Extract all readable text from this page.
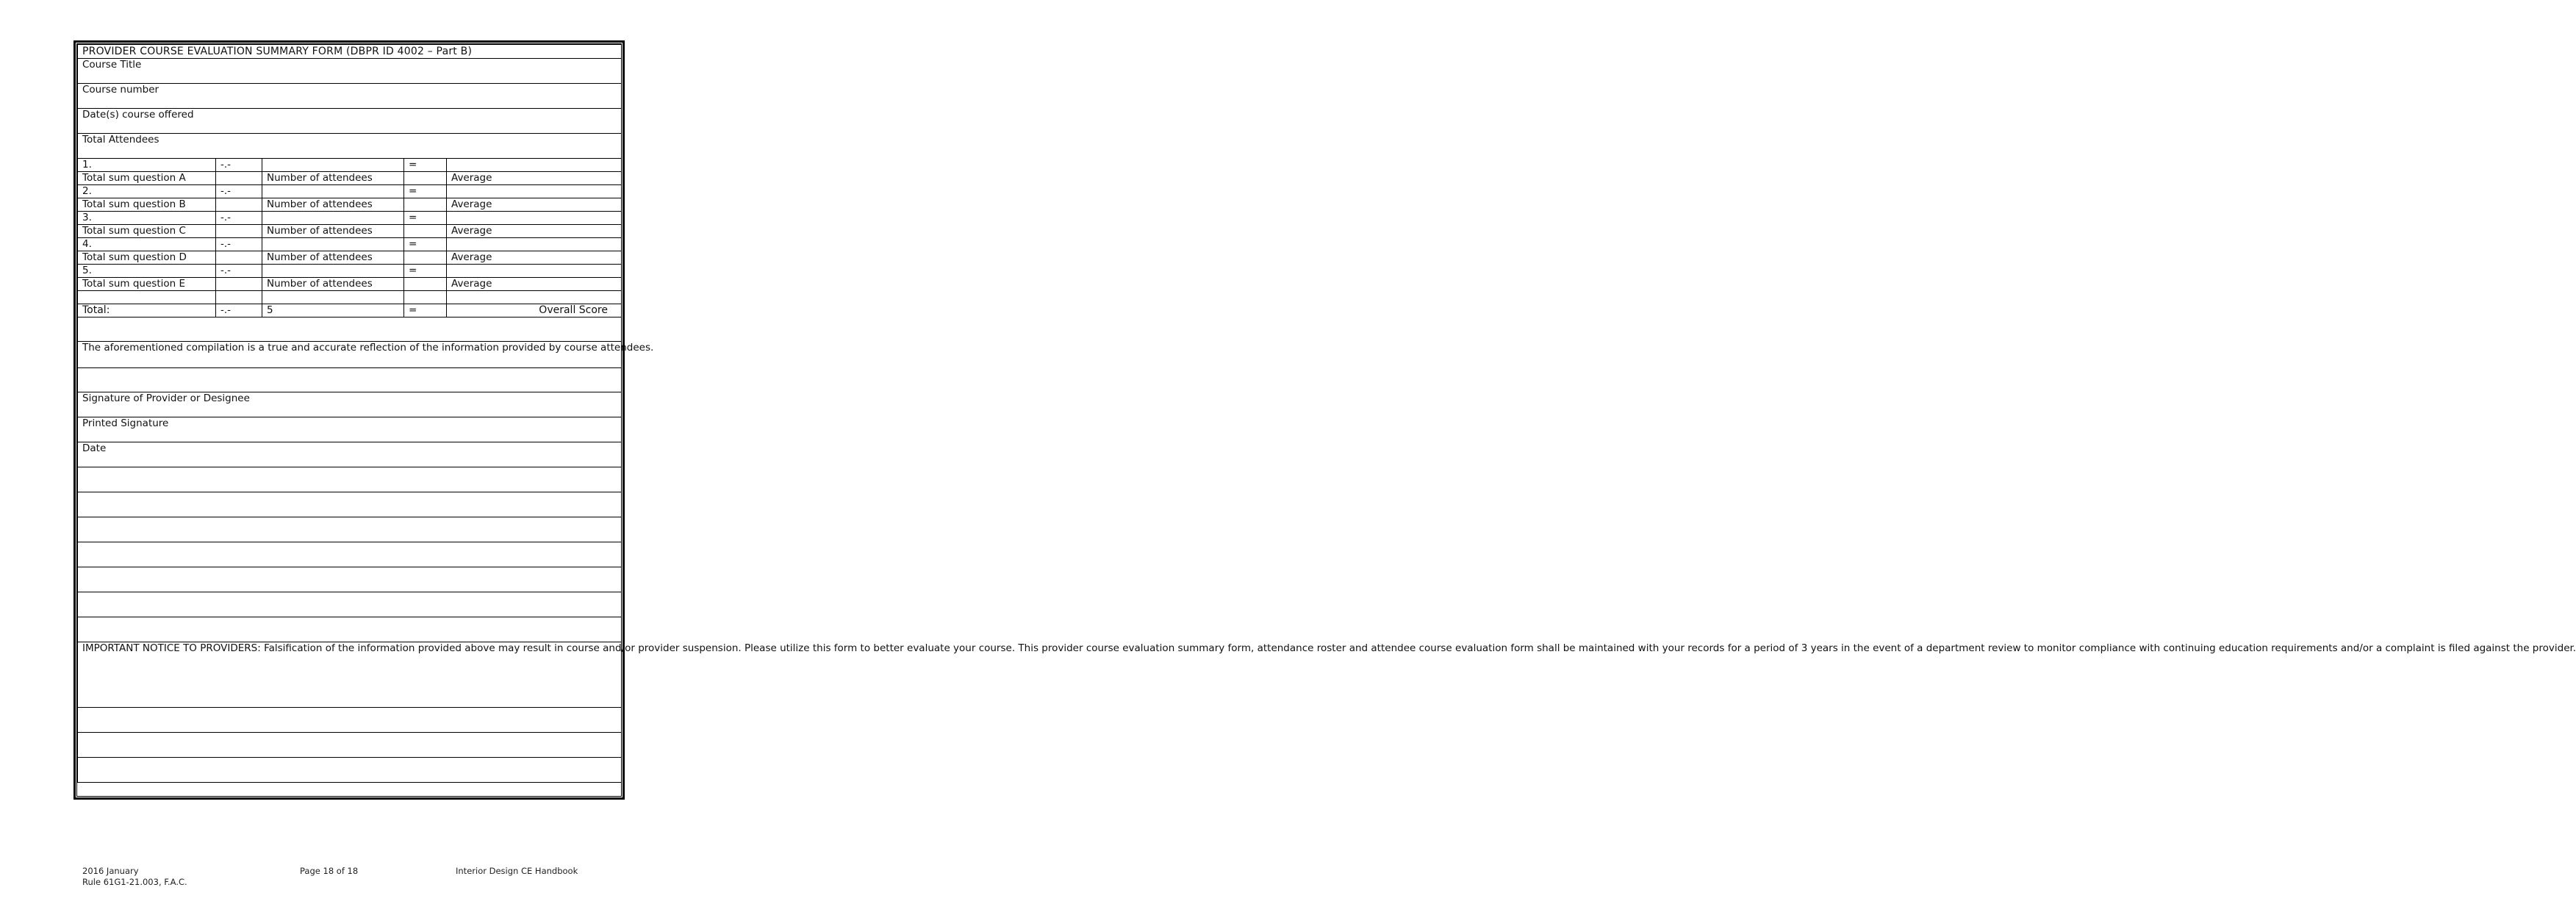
PROVIDER COURSE EVALUATION SUMMARY FORM (DBPR ID 4002 – Part B)				
Course Title				
Course number				
Date(s) course offered				
Total Attendees				
1.	-.-		=	
Total sum question A		Number of attendees		Average
2.	-.-		=	
Total sum question B		Number of attendees		Average
3.	-.-		=	
Total sum question C		Number of attendees		Average
4.	-.-		=	
Total sum question D		Number of attendees		Average
5.	-.-		=	
Total sum question E		Number of attendees		Average

Total:	-.-	5	=	Overall Score

The aforementioned compilation is a true and accurate reflection of the information provided by course attendees.				

Signature of Provider or Designee				
Printed Signature				
Date				

IMPORTANT NOTICE TO PROVIDERS: Falsification of the information provided above may result in course and/or provider suspension. Please utilize this form to better evaluate your course. This provider course evaluation summary form, attendance roster and attendee course evaluation form shall be maintained with your records for a period of 3 years in the event of a department review to monitor compliance with continuing education requirements and/or a complaint is filed against the provider.				

2016 January
Rule 61G1-21.003, F.A.C.
Page 18 of 18	Interior Design CE Handbook
